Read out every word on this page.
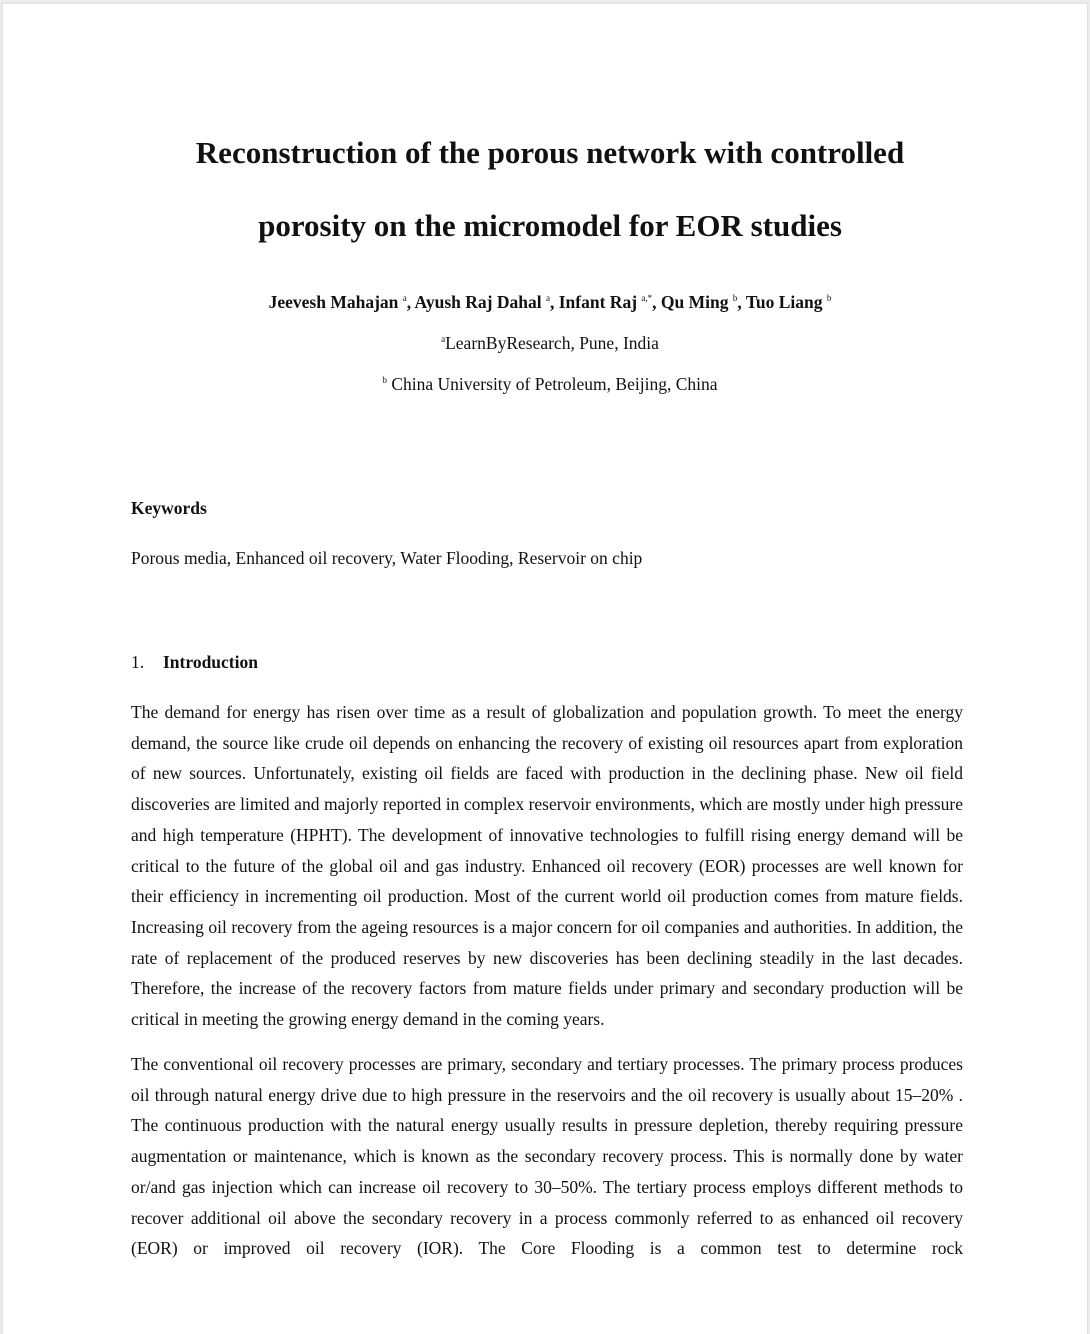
Reconstruction of the porous network with controlled
porosity on the micromodel for EOR studies
Jeevesh Mahajan $^a$, Ayush Raj Dahal $^a$, Infant Raj $^{a,*}$, Qu Ming $^b$, Tuo Liang $^b$
$^a$LearnByResearch, Pune, India
$^b$ China University of Petroleum, Beijing, China
Keywords
Porous media, Enhanced oil recovery, Water Flooding, Reservoir on chip
1. Introduction

The demand for energy has risen over time as a result of globalization and population growth. To meet the energy demand, the source like crude oil depends on enhancing the recovery of existing oil resources apart from exploration of new sources. Unfortunately, existing oil fields are faced with production in the declining phase. New oil field discoveries are limited and majorly reported in complex reservoir environments, which are mostly under high pressure and high temperature (HPHT). The development of innovative technologies to fulfill rising energy demand will be critical to the future of the global oil and gas industry. Enhanced oil recovery (EOR) processes are well known for their efficiency in incrementing oil production. Most of the current world oil production comes from mature fields. Increasing oil recovery from the ageing resources is a major concern for oil companies and authorities. In addition, the rate of replacement of the produced reserves by new discoveries has been declining steadily in the last decades. Therefore, the increase of the recovery factors from mature fields under primary and secondary production will be critical in meeting the growing energy demand in the coming years.

The conventional oil recovery processes are primary, secondary and tertiary processes. The primary process produces oil through natural energy drive due to high pressure in the reservoirs and the oil recovery is usually about 15–20% . The continuous production with the natural energy usually results in pressure depletion, thereby requiring pressure augmentation or maintenance, which is known as the secondary recovery process. This is normally done by water or/and gas injection which can increase oil recovery to 30–50%. The tertiary process employs different methods to recover additional oil above the secondary recovery in a process commonly referred to as enhanced oil recovery (EOR) or improved oil recovery (IOR). The Core Flooding is a common test to determine rock
